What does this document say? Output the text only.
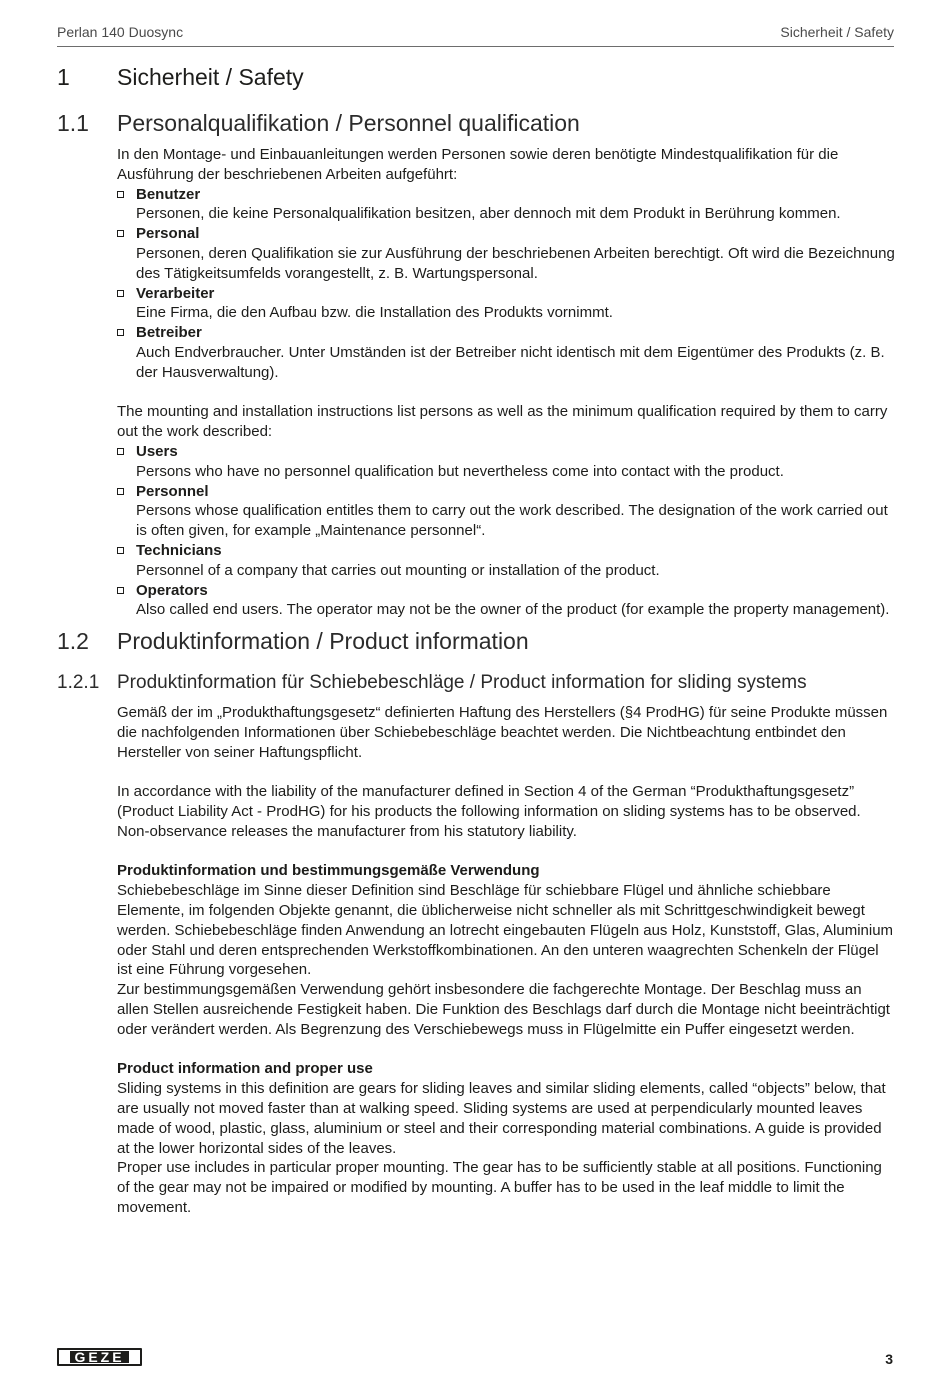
Perlan 140 Duosync	Sicherheit / Safety
1 Sicherheit / Safety
1.1 Personalqualifikation / Personnel qualification

In den Montage- und Einbauanleitungen werden Personen sowie deren benötigte Mindestqualifikation für die Ausführung der beschriebenen Arbeiten aufgeführt:

Benutzer
Personen, die keine Personalqualifikation besitzen, aber dennoch mit dem Produkt in Berührung kommen.
Personal
Personen, deren Qualifikation sie zur Ausführung der beschriebenen Arbeiten berechtigt. Oft wird die Bezeichnung des Tätigkeitsumfelds vorangestellt, z. B. Wartungspersonal.
Verarbeiter
Eine Firma, die den Aufbau bzw. die Installation des Produkts vornimmt.
Betreiber
Auch Endverbraucher. Unter Umständen ist der Betreiber nicht identisch mit dem Eigentümer des Produkts (z. B. der Hausverwaltung).

The mounting and installation instructions list persons as well as the minimum qualification required by them to carry out the work described:

Users
Persons who have no personnel qualification but nevertheless come into contact with the product.
Personnel
Persons whose qualification entitles them to carry out the work described. The designation of the work carried out is often given, for example „Maintenance personnel“.
Technicians
Personnel of a company that carries out mounting or installation of the product.
Operators
Also called end users. The operator may not be the owner of the product (for example the property management).
1.2 Produktinformation / Product information
1.2.1 Produktinformation für Schiebebeschläge / Product information for sliding systems

Gemäß der im „Produkthaftungsgesetz“ definierten Haftung des Herstellers (§4 ProdHG) für seine Produkte müssen die nachfolgenden Informationen über Schiebebeschläge beachtet werden. Die Nichtbeachtung entbindet den Hersteller von seiner Haftungspflicht.

In accordance with the liability of the manufacturer defined in Section 4 of the German “Produkthaftungsgesetz” (Product Liability Act - ProdHG) for his products the following information on sliding systems has to be observed. Non-observance releases the manufacturer from his statutory liability.

Produktinformation und bestimmungsgemäße Verwendung

Schiebebeschläge im Sinne dieser Definition sind Beschläge für schiebbare Flügel und ähnliche schiebbare Elemente, im folgenden Objekte genannt, die üblicherweise nicht schneller als mit Schrittgeschwindigkeit bewegt werden. Schiebebeschläge finden Anwendung an lotrecht eingebauten Flügeln aus Holz, Kunststoff, Glas, Aluminium oder Stahl und deren entsprechenden Werkstoffkombinationen. An den unteren waagrechten Schenkeln der Flügel ist eine Führung vorgesehen.

Zur bestimmungsgemäßen Verwendung gehört insbesondere die fachgerechte Montage. Der Beschlag muss an allen Stellen ausreichende Festigkeit haben. Die Funktion des Beschlags darf durch die Montage nicht beeinträchtigt oder verändert werden. Als Begrenzung des Verschiebewegs muss in Flügelmitte ein Puffer eingesetzt werden.

Product information and proper use

Sliding systems in this definition are gears for sliding leaves and similar sliding elements, called “objects” below, that are usually not moved faster than at walking speed. Sliding systems are used at perpendicularly mounted leaves made of wood, plastic, glass, aluminium or steel and their corresponding material combinations. A guide is provided at the lower horizontal sides of the leaves.

Proper use includes in particular proper mounting. The gear has to be sufficiently stable at all positions. Functioning of the gear may not be impaired or modified by mounting. A buffer has to be used in the leaf middle to limit the movement.

GEZE	3
